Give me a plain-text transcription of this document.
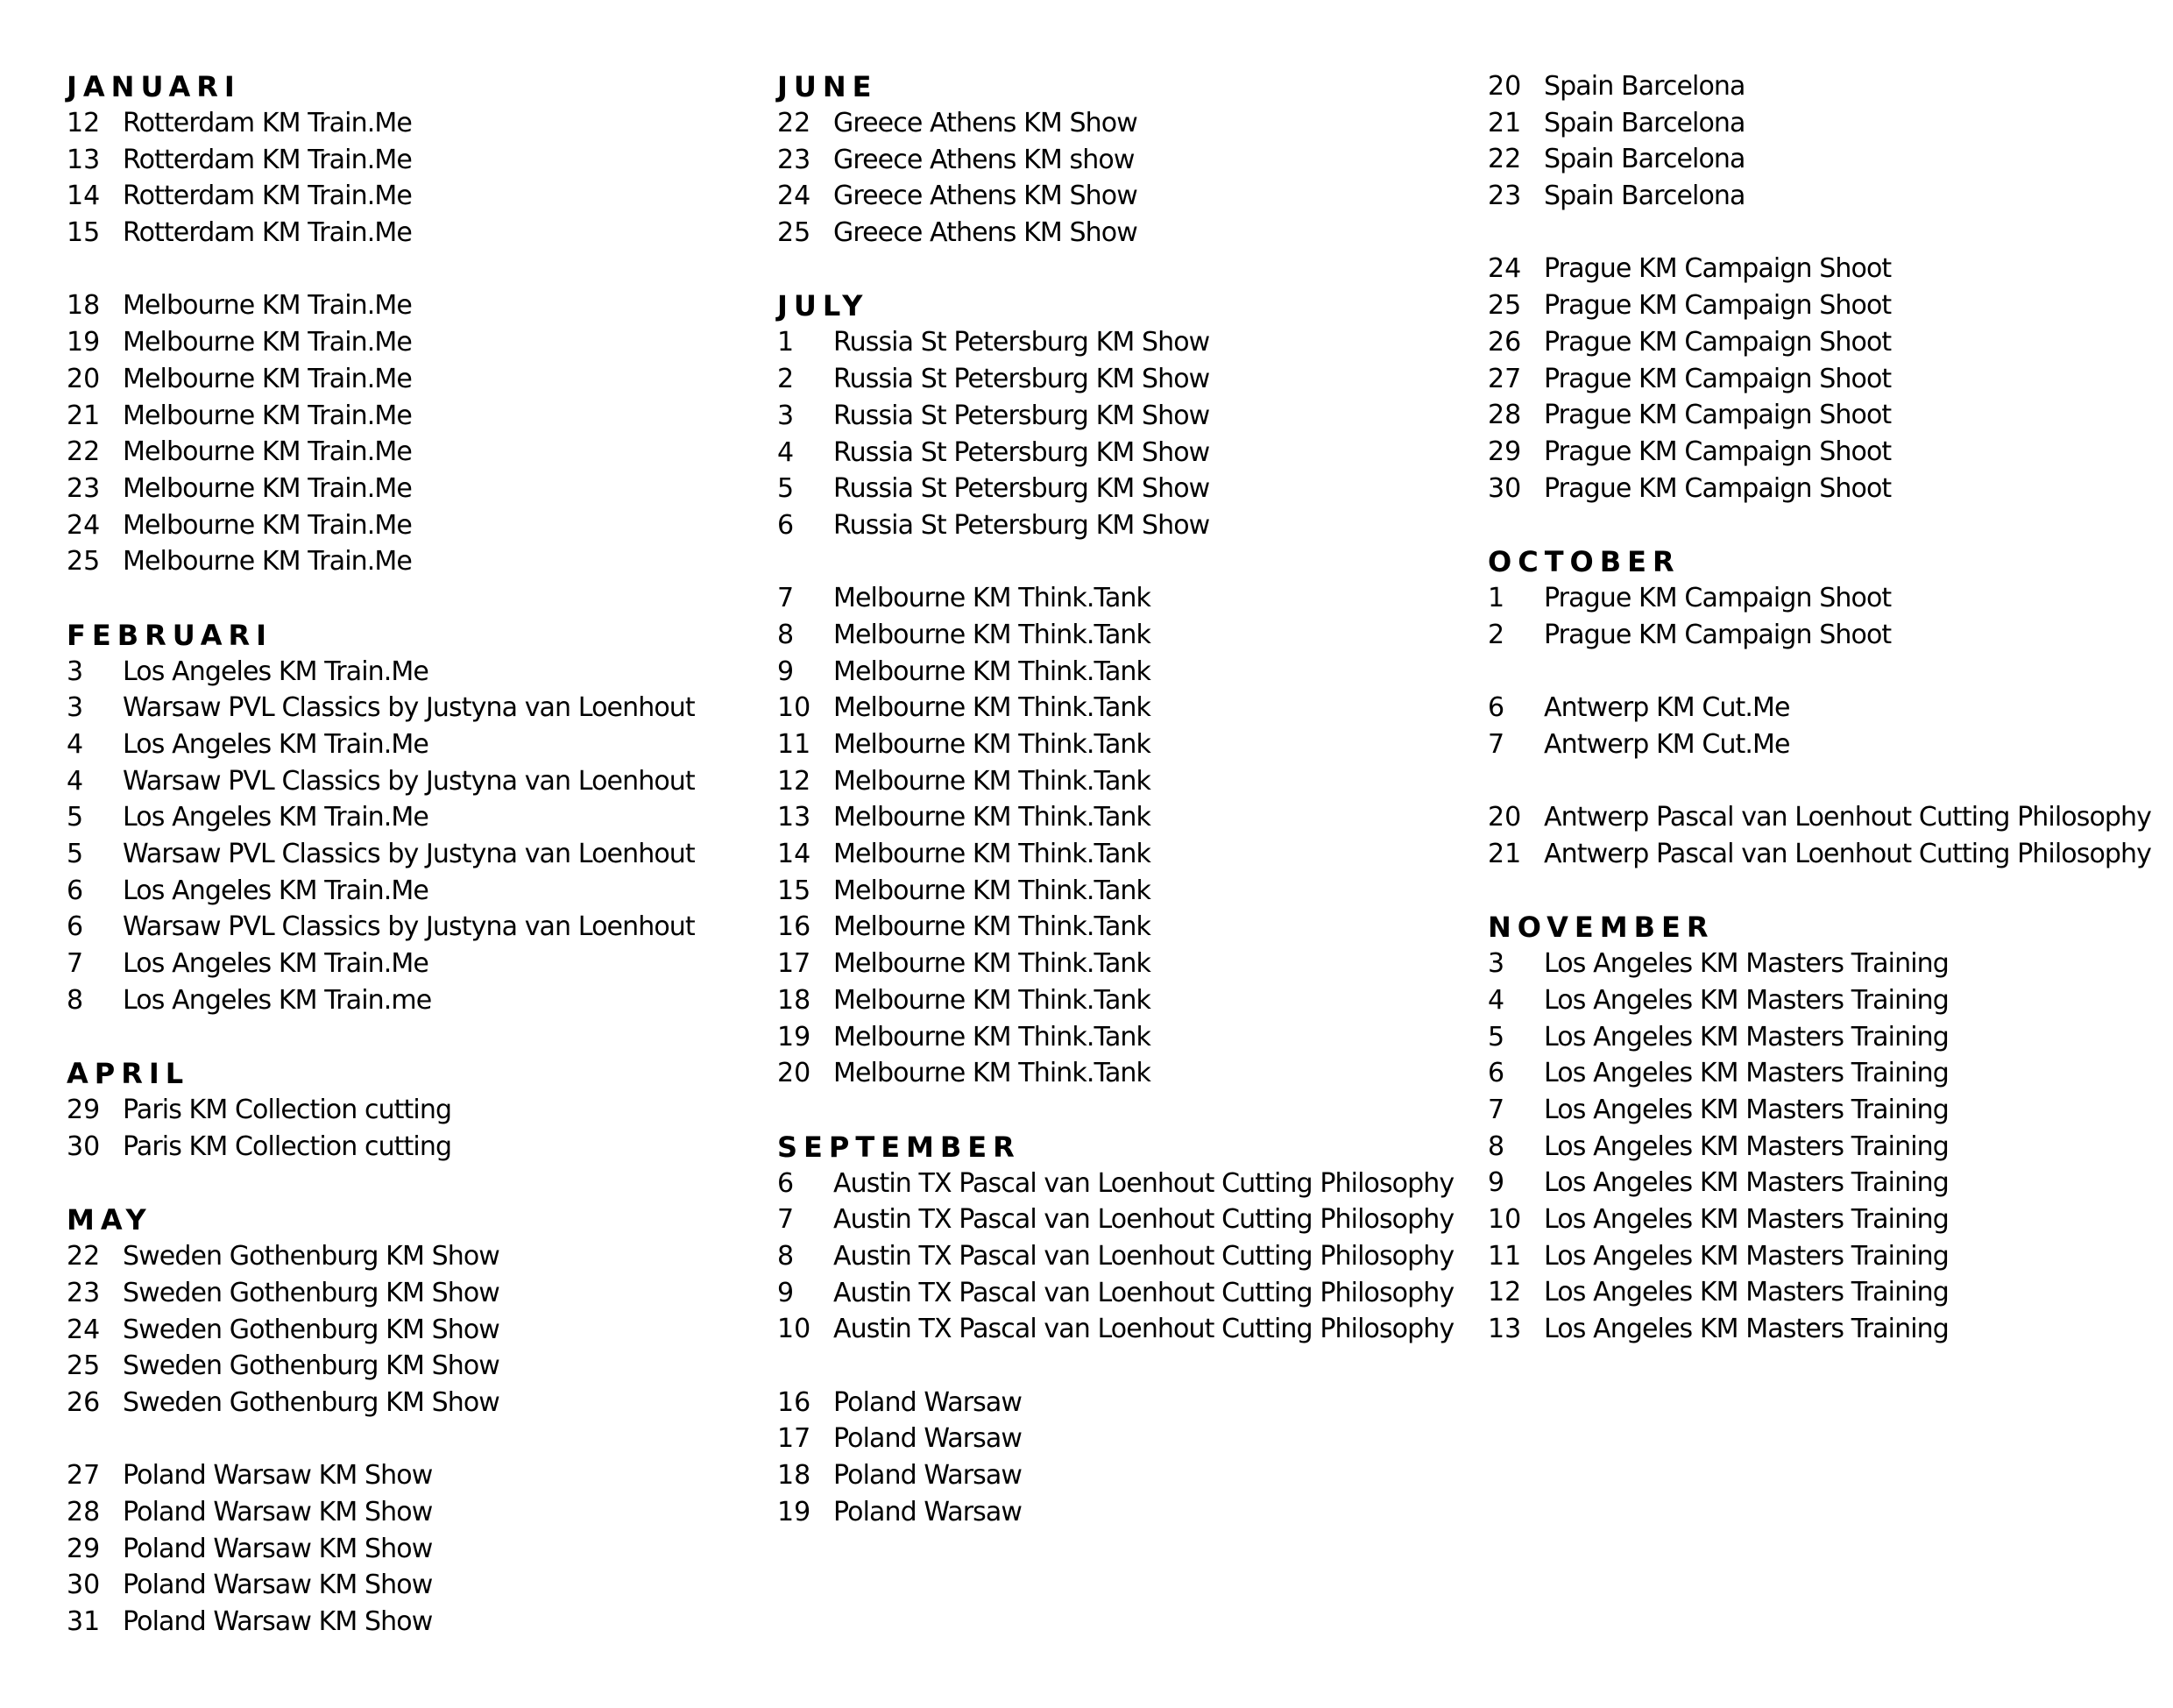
JANUARI
12 Rotterdam KM Train.Me
13 Rotterdam KM Train.Me
14 Rotterdam KM Train.Me
15 Rotterdam KM Train.Me
18 Melbourne KM Train.Me
19 Melbourne KM Train.Me
20 Melbourne KM Train.Me
21 Melbourne KM Train.Me
22 Melbourne KM Train.Me
23 Melbourne KM Train.Me
24 Melbourne KM Train.Me
25 Melbourne KM Train.Me
FEBRUARI
3	Los Angeles KM Train.Me
3	Warsaw PVL Classics by Justyna van Loenhout
4	Los Angeles KM Train.Me
4	Warsaw PVL Classics by Justyna van Loenhout
5	Los Angeles KM Train.Me
5	Warsaw PVL Classics by Justyna van Loenhout
6	Los Angeles KM Train.Me
6	Warsaw PVL Classics by Justyna van Loenhout
7	Los Angeles KM Train.Me
8	Los Angeles KM Train.me
APRIL
29 Paris KM Collection cutting
30 Paris KM Collection cutting
MAY
22 Sweden Gothenburg KM Show
23 Sweden Gothenburg KM Show
24 Sweden Gothenburg KM Show
25 Sweden Gothenburg KM Show
26 Sweden Gothenburg KM Show
27 Poland Warsaw KM Show
28 Poland Warsaw KM Show
29 Poland Warsaw KM Show
30 Poland Warsaw KM Show
31 Poland Warsaw KM Show
JUNE
22 Greece Athens KM Show
23 Greece Athens KM show
24 Greece Athens KM Show
25 Greece Athens KM Show
JULY
1	Russia St Petersburg KM Show
2	Russia St Petersburg KM Show
3	Russia St Petersburg KM Show
4	Russia St Petersburg KM Show
5	Russia St Petersburg KM Show
6	Russia St Petersburg KM Show
7	Melbourne KM Think.Tank
8	Melbourne KM Think.Tank
9	Melbourne KM Think.Tank
10 Melbourne KM Think.Tank
11 Melbourne KM Think.Tank
12 Melbourne KM Think.Tank
13 Melbourne KM Think.Tank
14 Melbourne KM Think.Tank
15 Melbourne KM Think.Tank
16 Melbourne KM Think.Tank
17 Melbourne KM Think.Tank
18 Melbourne KM Think.Tank
19 Melbourne KM Think.Tank
20 Melbourne KM Think.Tank
SEPTEMBER
6	Austin TX Pascal van Loenhout Cutting Philosophy
7	Austin TX Pascal van Loenhout Cutting Philosophy
8	Austin TX Pascal van Loenhout Cutting Philosophy
9	Austin TX Pascal van Loenhout Cutting Philosophy
10 Austin TX Pascal van Loenhout Cutting Philosophy
16 Poland Warsaw
17 Poland Warsaw
18 Poland Warsaw
19 Poland Warsaw
20 Spain Barcelona
21 Spain Barcelona
22 Spain Barcelona
23 Spain Barcelona
24 Prague KM Campaign Shoot
25 Prague KM Campaign Shoot
26 Prague KM Campaign Shoot
27 Prague KM Campaign Shoot
28 Prague KM Campaign Shoot
29 Prague KM Campaign Shoot
30 Prague KM Campaign Shoot
OCTOBER
1	Prague KM Campaign Shoot
2	Prague KM Campaign Shoot
6	Antwerp KM Cut.Me
7	Antwerp KM Cut.Me
20 Antwerp Pascal van Loenhout Cutting Philosophy
21 Antwerp Pascal van Loenhout Cutting Philosophy
NOVEMBER
3	Los Angeles KM Masters Training
4	Los Angeles KM Masters Training
5	Los Angeles KM Masters Training
6	Los Angeles KM Masters Training
7	Los Angeles KM Masters Training
8	Los Angeles KM Masters Training
9	Los Angeles KM Masters Training
10 Los Angeles KM Masters Training
11 Los Angeles KM Masters Training
12 Los Angeles KM Masters Training
13 Los Angeles KM Masters Training
